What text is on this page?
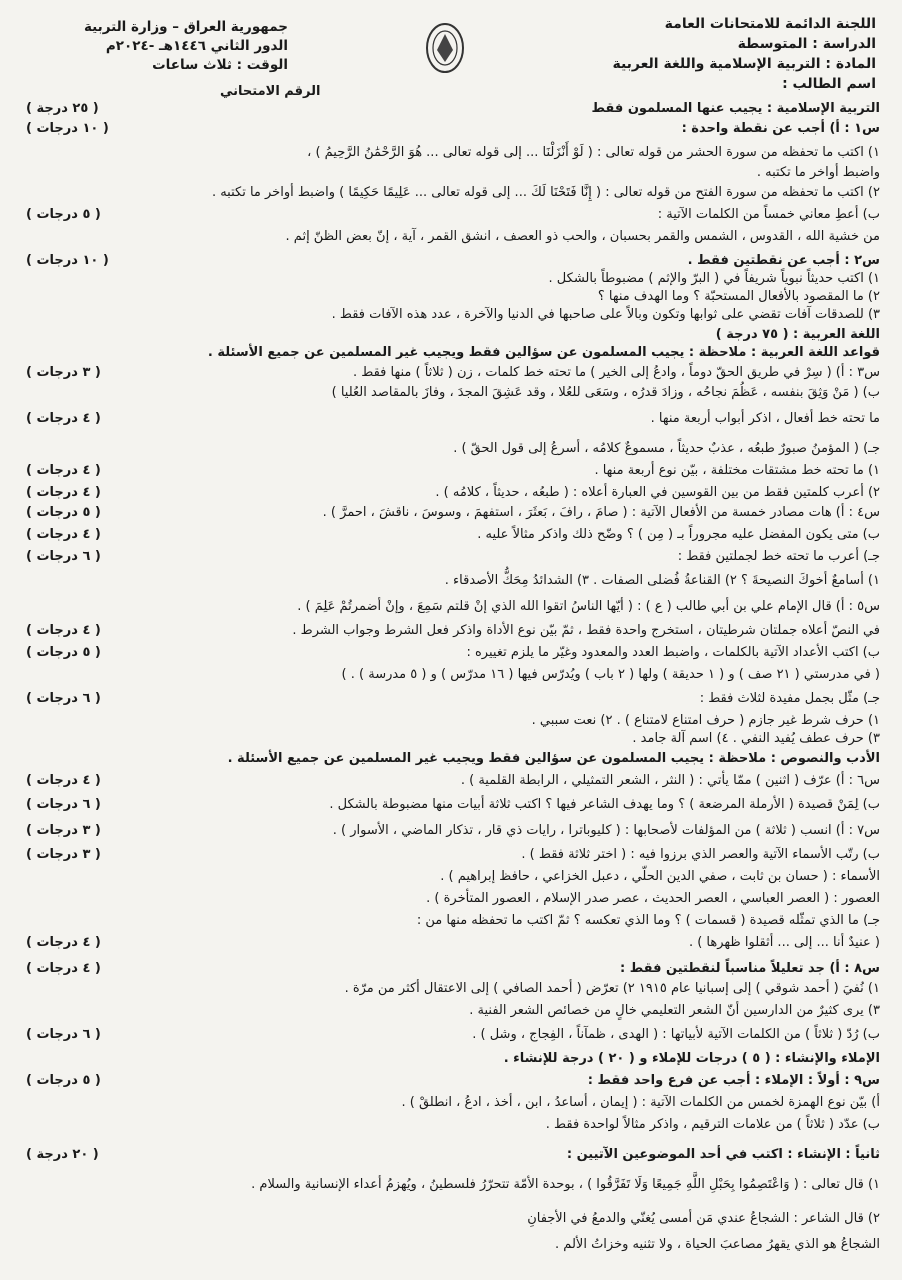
اللجنة الدائمة للامتحانات العامة
الدراسة : المتوسطة
المادة : التربية الإسلامية واللغة العربية
اسم الطالب :
جمهورية العراق – وزارة التربية
الدور الثاني ١٤٤٦هـ -٢٠٢٤م
الوقت : ثلاث ساعات
الرقم الامتحاني
التربية الإسلامية : يجيب عنها المسلمون فقط
( ٢٥ درجة )
س١ : أ) أجب عن نقطة واحدة :
( ١٠ درجات )
١) اكتب ما تحفظه من سورة الحشر من قوله تعالى : ( لَوْ أَنْزَلْنَا ... إلى قوله تعالى ... هُوَ الرَّحْمَٰنُ الرَّحِيمُ ) ،
واضبط أواخر ما تكتبه .
٢) اكتب ما تحفظه من سورة الفتح من قوله تعالى : ( إِنَّا فَتَحْنَا لَكَ ... إلى قوله تعالى ... عَلِيمًا حَكِيمًا ) واضبط أواخر ما تكتبه .
ب) أعطِ معاني خمساً من الكلمات الآتية :
( ٥ درجات )
من خشية الله ، القدوس ، الشمس والقمر بحسبان ، والحب ذو العصف ، انشق القمر ، آية ، إنّ بعض الظنّ إثم .
س٢ : أجب عن نقطتين فقط .
( ١٠ درجات )
١) اكتب حديثاً نبوياً شريفاً في ( البرّ والإثم ) مضبوطاً بالشكل .
٢) ما المقصود بالأفعال المستحبّة ؟ وما الهدف منها ؟
٣) للصدقات آفات تقضي على ثوابها وتكون وبالاً على صاحبها في الدنيا والآخرة ، عدد هذه الآفات فقط .
اللغة العربية : ( ٧٥ درجة )
قواعد اللغة العربية : ملاحظة : يجيب المسلمون عن سؤالين فقط ويجيب غير المسلمين عن جميع الأسئلة .
س٣ : أ) ( سِرْ في طريق الحقّ دوماً ، وادعُ إلى الخير ) ما تحته خط كلمات ، زن ( ثلاثاً ) منها فقط .
( ٣ درجات )
ب) ( مَنْ وَثِقَ بنفسه ، عَظُمَ نجاحُه ، وزادَ قدرُه ، وسَعَى للعُلا ، وقد عَشِقَ المجدَ ، وفازَ بالمقاصد العُليا )
ما تحته خط أفعال ، اذكر أبواب أربعة منها .
( ٤ درجات )
جـ) ( المؤمنُ صبورٌ طبعُه ، عذبٌ حديثاً ، مسموعٌ كلامُه ، أسرعُ إلى قول الحقّ ) .
١) ما تحته خط مشتقات مختلفة ، بيّن نوع أربعة منها .
( ٤ درجات )
٢) أعرب كلمتين فقط من بين القوسين في العبارة أعلاه : ( طبعُه ، حديثاً ، كلامُه ) .
( ٤ درجات )
س٤ : أ) هات مصادر خمسة من الأفعال الآتية : ( صامَ ، رافَ ، بَعثَرَ ، استفهمَ ، وسوسَ ، ناقشَ ، احمرَّ ) .
( ٥ درجات )
ب) متى يكون المفضل عليه مجروراً بـ ( مِن ) ؟ وضّح ذلك واذكر مثالاً عليه .
( ٤ درجات )
جـ) أعرب ما تحته خط لجملتين فقط :
( ٦ درجات )
١) أسامعٌ أخوكَ النصيحةَ ؟ ٢) القناعةُ فُضلى الصفات . ٣) الشدائدُ مِحَكُّ الأصدقاء .
س٥ : أ) قال الإمام علي بن أبي طالب ( ع ) : ( أيّها الناسُ اتقوا الله الذي إنْ قلتم سَمِعَ ، وإنْ أضمرتُمْ عَلِمَ ) .
في النصّ أعلاه جملتان شرطيتان ، استخرج واحدة فقط ، ثمّ بيّن نوع الأداة واذكر فعل الشرط وجواب الشرط .
( ٤ درجات )
ب) اكتب الأعداد الآتية بالكلمات ، واضبط العدد والمعدود وغيّر ما يلزم تغييره :
( ٥ درجات )
( في مدرستي ( ٢١ صف ) و ( ١ حديقة ) ولها ( ٢ باب ) ويُدرّس فيها ( ١٦ مدرّس ) و ( ٥ مدرسة ) . )
جـ) مثّل بجمل مفيدة لثلاث فقط :
( ٦ درجات )
١) حرف شرط غير جازم ( حرف امتناع لامتناع ) . ٢) نعت سببي .
٣) حرف عطف يُفيد النفي . ٤) اسم آلة جامد .
الأدب والنصوص : ملاحظة : يجيب المسلمون عن سؤالين فقط ويجيب غير المسلمين عن جميع الأسئلة .
س٦ : أ) عرّف ( اثنين ) ممّا يأتي : ( النثر ، الشعر التمثيلي ، الرابطة القلمية ) .
( ٤ درجات )
ب) لِمَنْ قصيدة ( الأرملة المرضعة ) ؟ وما يهدف الشاعر فيها ؟ اكتب ثلاثة أبيات منها مضبوطة بالشكل .
( ٦ درجات )
س٧ : أ) انسب ( ثلاثة ) من المؤلفات لأصحابها : ( كليوباترا ، رايات ذي قار ، تذكار الماضي ، الأسوار ) .
( ٣ درجات )
ب) رتّب الأسماء الآتية والعصر الذي برزوا فيه : ( اختر ثلاثة فقط ) .
( ٣ درجات )
الأسماء : ( حسان بن ثابت ، صفي الدين الحلّي ، دعبل الخزاعي ، حافظ إبراهيم ) .
العصور : ( العصر العباسي ، العصر الحديث ، عصر صدر الإسلام ، العصور المتأخرة ) .
جـ) ما الذي تمثّله قصيدة ( قسمات ) ؟ وما الذي تعكسه ؟ ثمّ اكتب ما تحفظه منها من :
( عنيدٌ أنا ... إلى ... أثقلوا ظهرها ) .
( ٤ درجات )
س٨ : أ) جد تعليلاً مناسباً لنقطتين فقط :
( ٤ درجات )
١) نُفيَ ( أحمد شوقي ) إلى إسبانيا عام ١٩١٥ ٢) تعرّض ( أحمد الصافي ) إلى الاعتقال أكثر من مرّة .
٣) يرى كثيرٌ من الدارسين أنّ الشعر التعليمي خالٍ من خصائص الشعر الفنية .
ب) رُدّ ( ثلاثاً ) من الكلمات الآتية لأبياتها : ( الهدى ، ظمآناً ، الفِجاج ، وشل ) .
( ٦ درجات )
الإملاء والإنشاء : ( ٥ ) درجات للإملاء و ( ٢٠ ) درجة للإنشاء .
س٩ : أولاً : الإملاء : أجب عن فرع واحد فقط :
( ٥ درجات )
أ) بيّن نوع الهمزة لخمس من الكلمات الآتية : ( إيمان ، أساعدُ ، ابن ، أخذ ، ادعُ ، انطلقْ ) .
ب) عدّد ( ثلاثاً ) من علامات الترقيم ، واذكر مثالاً لواحدة فقط .
ثانياً : الإنشاء : اكتب في أحد الموضوعين الآتيين :
( ٢٠ درجة )
١) قال تعالى : ( وَاعْتَصِمُوا بِحَبْلِ اللَّهِ جَمِيعًا وَلَا تَفَرَّقُوا ) ، بوحدة الأمّة تتحرّرُ فلسطينُ ، ويُهزمُ أعداء الإنسانية والسلام .
٢) قال الشاعر : الشجاعُ عندي مَن أمسى يُغنّي والدمعُ في الأجفانِ
الشجاعُ هو الذي يقهرُ مصاعبَ الحياة ، ولا تثنيه وخزاتُ الألم .
